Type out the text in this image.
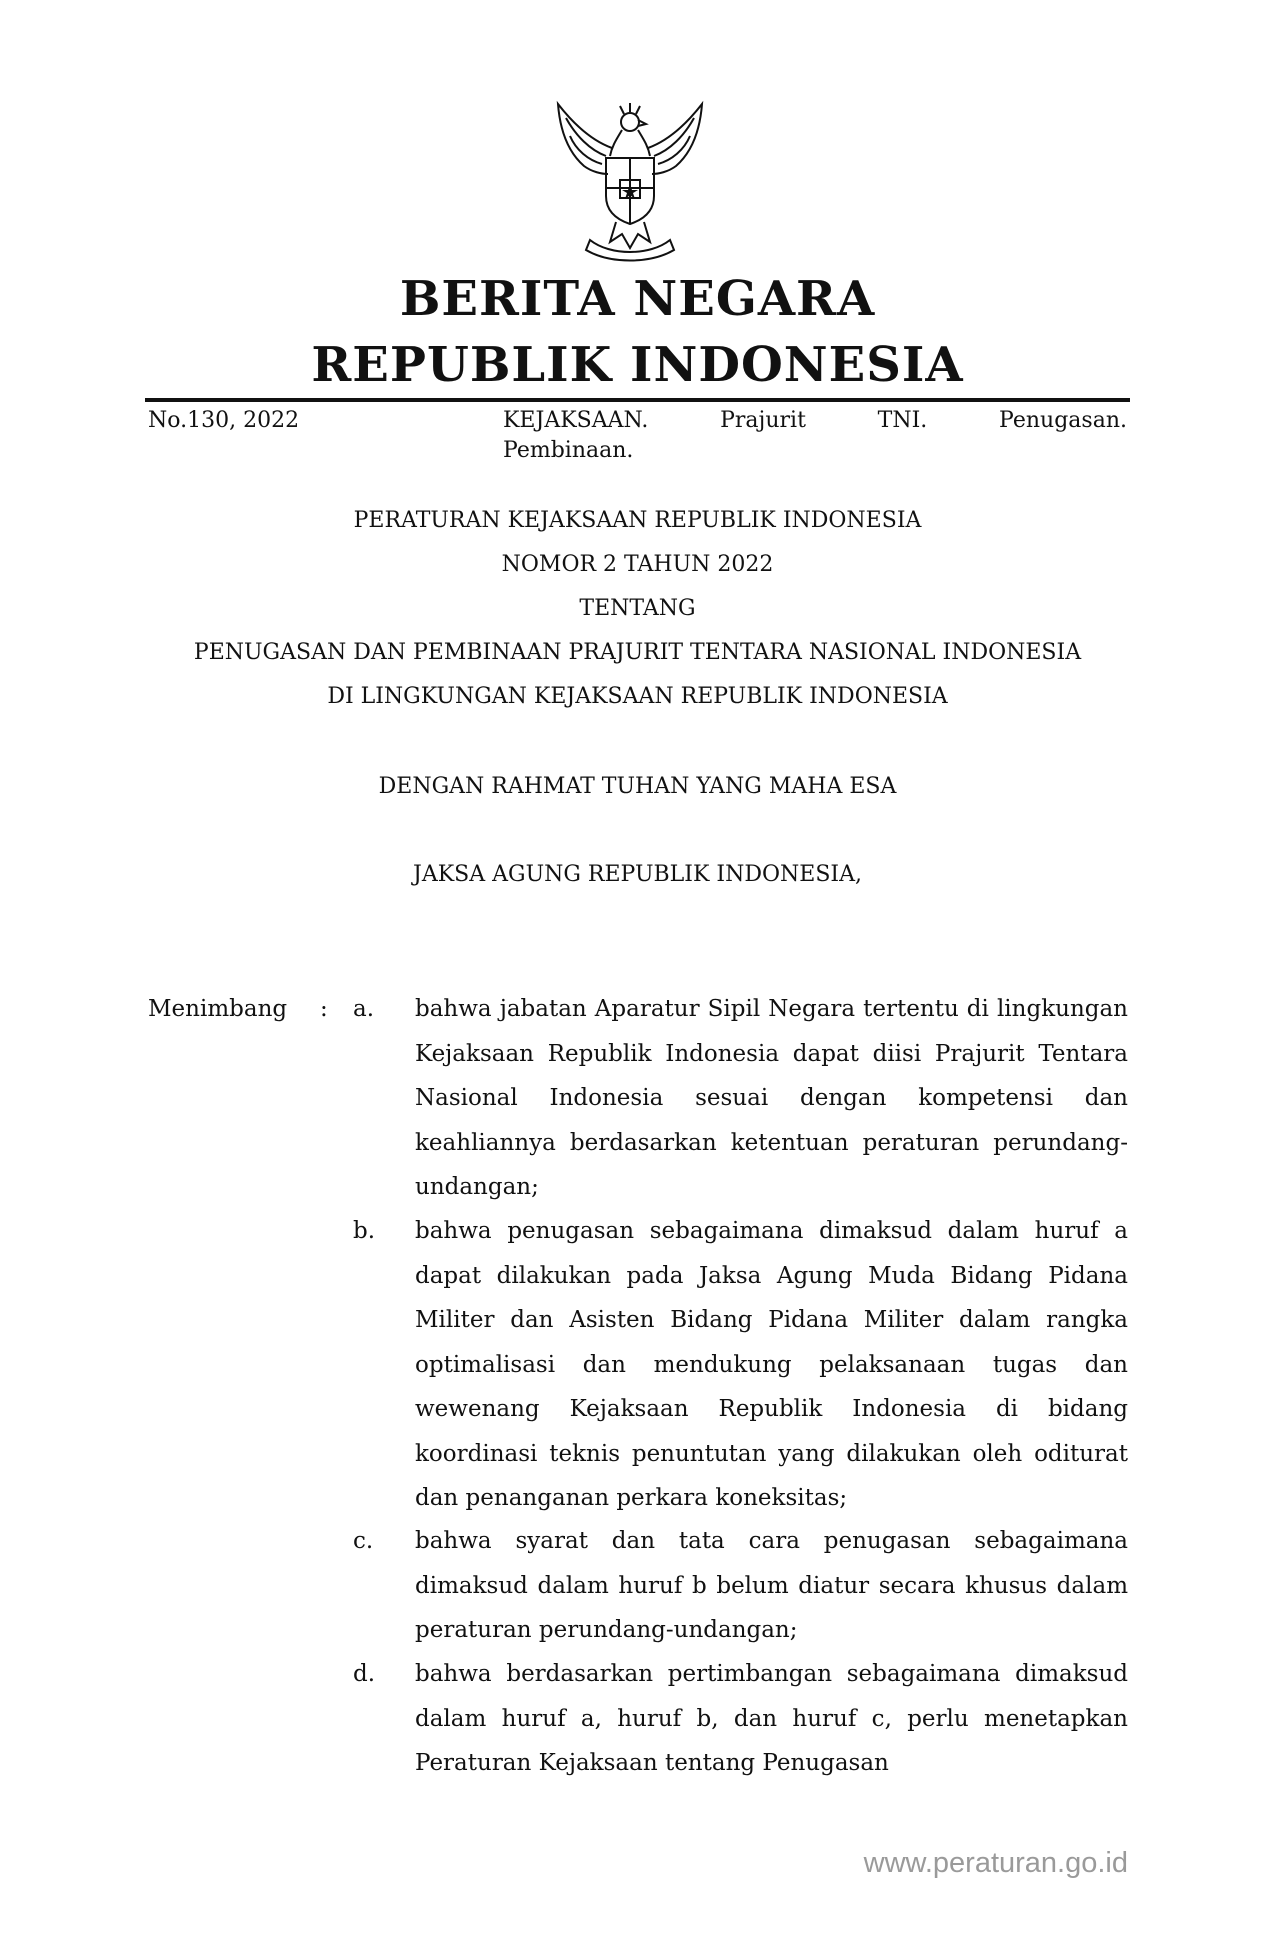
BERITA NEGARA
REPUBLIK INDONESIA
No.130, 2022	KEJAKSAAN. Prajurit TNI. Penugasan.
Pembinaan.
PERATURAN KEJAKSAAN REPUBLIK INDONESIA
NOMOR 2 TAHUN 2022
TENTANG
PENUGASAN DAN PEMBINAAN PRAJURIT TENTARA NASIONAL INDONESIA
DI LINGKUNGAN KEJAKSAAN REPUBLIK INDONESIA
DENGAN RAHMAT TUHAN YANG MAHA ESA
JAKSA AGUNG REPUBLIK INDONESIA,
Menimbang : a. bahwa jabatan Aparatur Sipil Negara tertentu di lingkungan Kejaksaan Republik Indonesia dapat diisi Prajurit Tentara Nasional Indonesia sesuai dengan kompetensi dan keahliannya berdasarkan ketentuan peraturan perundang-undangan;
b. bahwa penugasan sebagaimana dimaksud dalam huruf a dapat dilakukan pada Jaksa Agung Muda Bidang Pidana Militer dan Asisten Bidang Pidana Militer dalam rangka optimalisasi dan mendukung pelaksanaan tugas dan wewenang Kejaksaan Republik Indonesia di bidang koordinasi teknis penuntutan yang dilakukan oleh oditurat dan penanganan perkara koneksitas;
c. bahwa syarat dan tata cara penugasan sebagaimana dimaksud dalam huruf b belum diatur secara khusus dalam peraturan perundang-undangan;
d. bahwa berdasarkan pertimbangan sebagaimana dimaksud dalam huruf a, huruf b, dan huruf c, perlu menetapkan Peraturan Kejaksaan tentang Penugasan
www.peraturan.go.id
